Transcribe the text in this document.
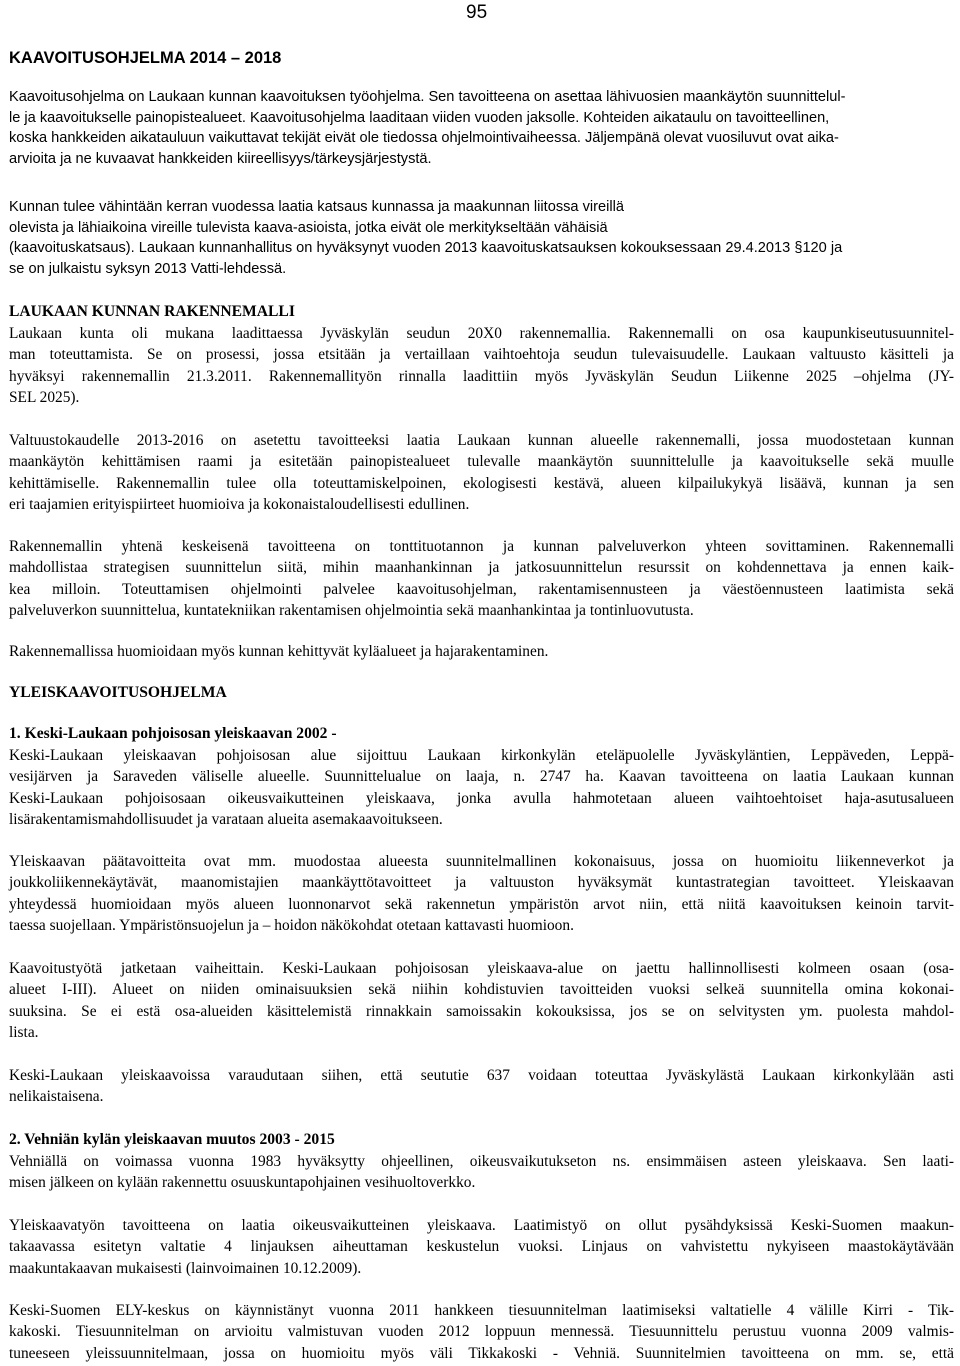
95
KAAVOITUSOHJELMA 2014 – 2018

Kaavoitusohjelma on Laukaan kunnan kaavoituksen työohjelma. Sen tavoitteena on asettaa lähivuosien maankäytön suunnittelul-
le ja kaavoitukselle painopistealueet. Kaavoitusohjelma laaditaan viiden vuoden jaksolle. Kohteiden aikataulu on tavoitteellinen,
koska hankkeiden aikatauluun vaikuttavat tekijät eivät ole tiedossa ohjelmointivaiheessa. Jäljempänä olevat vuosiluvut ovat aika-
arvioita ja ne kuvaavat hankkeiden kiireellisyys/tärkeysjärjestystä.

Kunnan tulee vähintään kerran vuodessa laatia katsaus kunnassa ja maakunnan liitossa vireillä
olevista ja lähiaikoina vireille tulevista kaava-asioista, jotka eivät ole merkitykseltään vähäisiä
(kaavoituskatsaus). Laukaan kunnanhallitus on hyväksynyt vuoden 2013 kaavoituskatsauksen kokouksessaan 29.4.2013 §120 ja
se on julkaistu syksyn 2013 Vatti-lehdessä.

LAUKAAN KUNNAN RAKENNEMALLI

Laukaan kunta oli mukana laadittaessa Jyväskylän seudun 20X0 rakennemallia. Rakennemalli on osa kaupunkiseutusuunnitel-
man toteuttamista. Se on prosessi, jossa etsitään ja vertaillaan vaihtoehtoja seudun tulevaisuudelle. Laukaan valtuusto käsitteli ja
hyväksyi rakennemallin 21.3.2011. Rakennemallityön rinnalla laadittiin myös Jyväskylän Seudun Liikenne 2025 –ohjelma (JY-
SEL 2025).

Valtuustokaudelle 2013-2016 on asetettu tavoitteeksi laatia Laukaan kunnan alueelle rakennemalli, jossa muodostetaan kunnan
maankäytön kehittämisen raami ja esitetään painopistealueet tulevalle maankäytön suunnittelulle ja kaavoitukselle sekä muulle
kehittämiselle. Rakennemallin tulee olla toteuttamiskelpoinen, ekologisesti kestävä, alueen kilpailukykyä lisäävä, kunnan ja sen
eri taajamien erityispiirteet huomioiva ja kokonaistaloudellisesti edullinen.

Rakennemallin yhtenä keskeisenä tavoitteena on tonttituotannon ja kunnan palveluverkon yhteen sovittaminen. Rakennemalli
mahdollistaa strategisen suunnittelun siitä, mihin maanhankinnan ja jatkosuunnittelun resurssit on kohdennettava ja ennen kaik-
kea milloin. Toteuttamisen ohjelmointi palvelee kaavoitusohjelman, rakentamisennusteen ja väestöennusteen laatimista sekä
palveluverkon suunnittelua, kuntatekniikan rakentamisen ohjelmointia sekä maanhankintaa ja tontinluovutusta.

Rakennemallissa huomioidaan myös kunnan kehittyvät kyläalueet ja hajarakentaminen.

YLEISKAAVOITUSOHJELMA
1. Keski-Laukaan pohjoisosan yleiskaavan 2002 -

Keski-Laukaan yleiskaavan pohjoisosan alue sijoittuu Laukaan kirkonkylän eteläpuolelle Jyväskyläntien, Leppäveden, Leppä-
vesijärven ja Saraveden väliselle alueelle. Suunnittelualue on laaja, n. 2747 ha. Kaavan tavoitteena on laatia Laukaan kunnan
Keski-Laukaan pohjoisosaan oikeusvaikutteinen yleiskaava, jonka avulla hahmotetaan alueen vaihtoehtoiset haja-asutusalueen
lisärakentamismahdollisuudet ja varataan alueita asemakaavoitukseen.

Yleiskaavan päätavoitteita ovat mm. muodostaa alueesta suunnitelmallinen kokonaisuus, jossa on huomioitu liikenneverkot ja
joukkoliikennekäytävät, maanomistajien maankäyttötavoitteet ja valtuuston hyväksymät kuntastrategian tavoitteet. Yleiskaavan
yhteydessä huomioidaan myös alueen luonnonarvot sekä rakennetun ympäristön arvot niin, että niitä kaavoituksen keinoin tarvit-
taessa suojellaan. Ympäristönsuojelun ja – hoidon näkökohdat otetaan kattavasti huomioon.

Kaavoitustyötä jatketaan vaiheittain. Keski-Laukaan pohjoisosan yleiskaava-alue on jaettu hallinnollisesti kolmeen osaan (osa-
alueet I-III). Alueet on niiden ominaisuuksien sekä niihin kohdistuvien tavoitteiden vuoksi selkeä suunnitella omina kokonai-
suuksina. Se ei estä osa-alueiden käsittelemistä rinnakkain samoissakin kokouksissa, jos se on selvitysten ym. puolesta mahdol-
lista.

Keski-Laukaan yleiskaavoissa varaudutaan siihen, että seututie 637 voidaan toteuttaa Jyväskylästä Laukaan kirkonkylään asti
nelikaistaisena.

2. Vehniän kylän yleiskaavan muutos 2003 - 2015

Vehniällä on voimassa vuonna 1983 hyväksytty ohjeellinen, oikeusvaikutukseton ns. ensimmäisen asteen yleiskaava. Sen laati-
misen jälkeen on kylään rakennettu osuuskuntapohjainen vesihuoltoverkko.

Yleiskaavatyön tavoitteena on laatia oikeusvaikutteinen yleiskaava. Laatimistyö on ollut pysähdyksissä Keski-Suomen maakun-
takaavassa esitetyn valtatie 4 linjauksen aiheuttaman keskustelun vuoksi. Linjaus on vahvistettu nykyiseen maastokäytävään
maakuntakaavan mukaisesti (lainvoimainen 10.12.2009).

Keski-Suomen ELY-keskus on käynnistänyt vuonna 2011 hankkeen tiesuunnitelman laatimiseksi valtatielle 4 välille Kirri - Tik-
kakoski. Tiesuunnitelman on arvioitu valmistuvan vuoden 2012 loppuun mennessä. Tiesuunnittelu perustuu vuonna 2009 valmis-
tuneeseen yleissuunnitelmaan, jossa on huomioitu myös väli Tikkakoski - Vehniä. Suunnitelmien tavoitteena on mm. se, että
